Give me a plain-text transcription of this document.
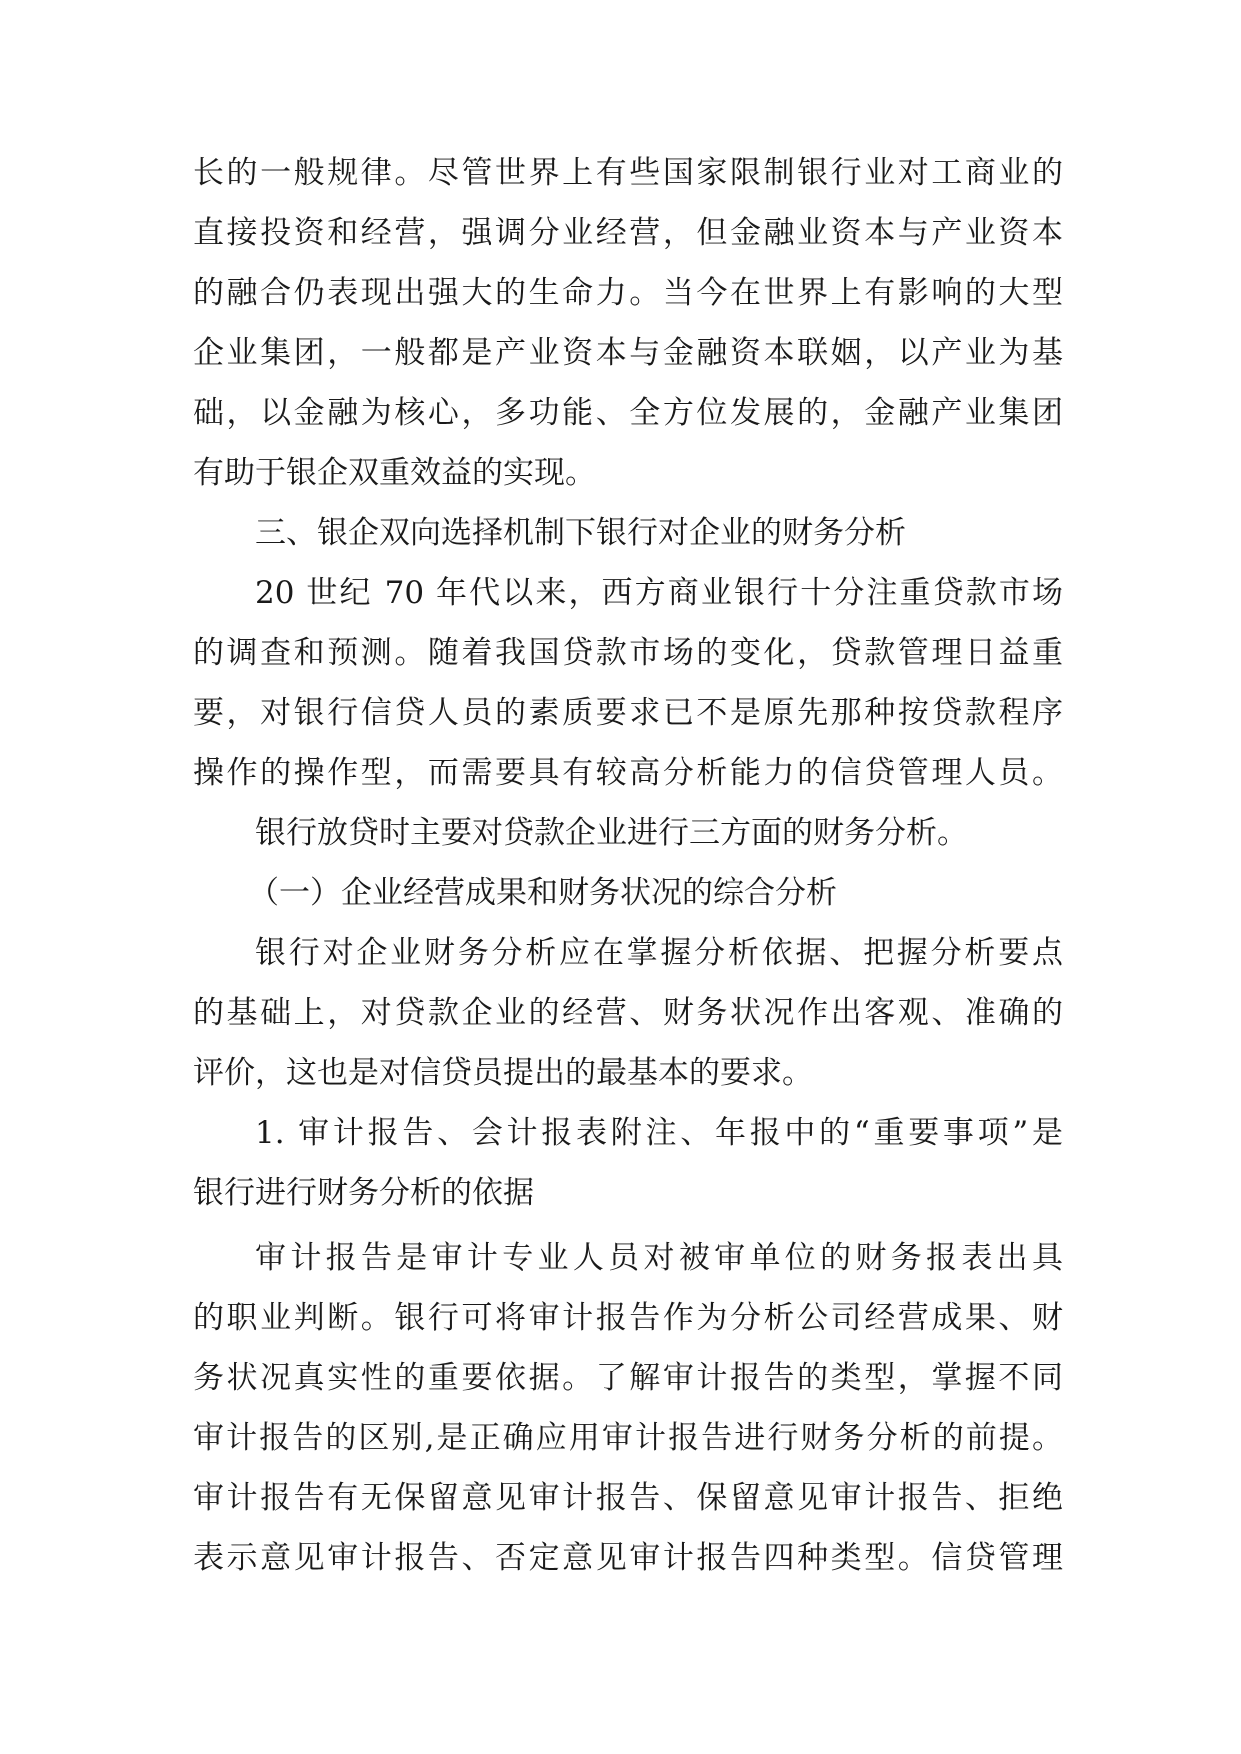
长的一般规律。尽管世界上有些国家限制银行业对工商业的
直接投资和经营，强调分业经营，但金融业资本与产业资本
的融合仍表现出强大的生命力。当今在世界上有影响的大型
企业集团，一般都是产业资本与金融资本联姻，以产业为基
础，以金融为核心，多功能、全方位发展的，金融产业集团
有助于银企双重效益的实现。
三、银企双向选择机制下银行对企业的财务分析
20 世纪 70 年代以来，西方商业银行十分注重贷款市场
的调查和预测。随着我国贷款市场的变化，贷款管理日益重
要，对银行信贷人员的素质要求已不是原先那种按贷款程序
操作的操作型，而需要具有较高分析能力的信贷管理人员。
银行放贷时主要对贷款企业进行三方面的财务分析。
（一）企业经营成果和财务状况的综合分析
银行对企业财务分析应在掌握分析依据、把握分析要点
的基础上，对贷款企业的经营、财务状况作出客观、准确的
评价，这也是对信贷员提出的最基本的要求。
1. 审计报告、会计报表附注、年报中的“重要事项”是
银行进行财务分析的依据
审计报告是审计专业人员对被审单位的财务报表出具
的职业判断。银行可将审计报告作为分析公司经营成果、财
务状况真实性的重要依据。了解审计报告的类型，掌握不同
审计报告的区别,是正确应用审计报告进行财务分析的前提。
审计报告有无保留意见审计报告、保留意见审计报告、拒绝
表示意见审计报告、否定意见审计报告四种类型。信贷管理
